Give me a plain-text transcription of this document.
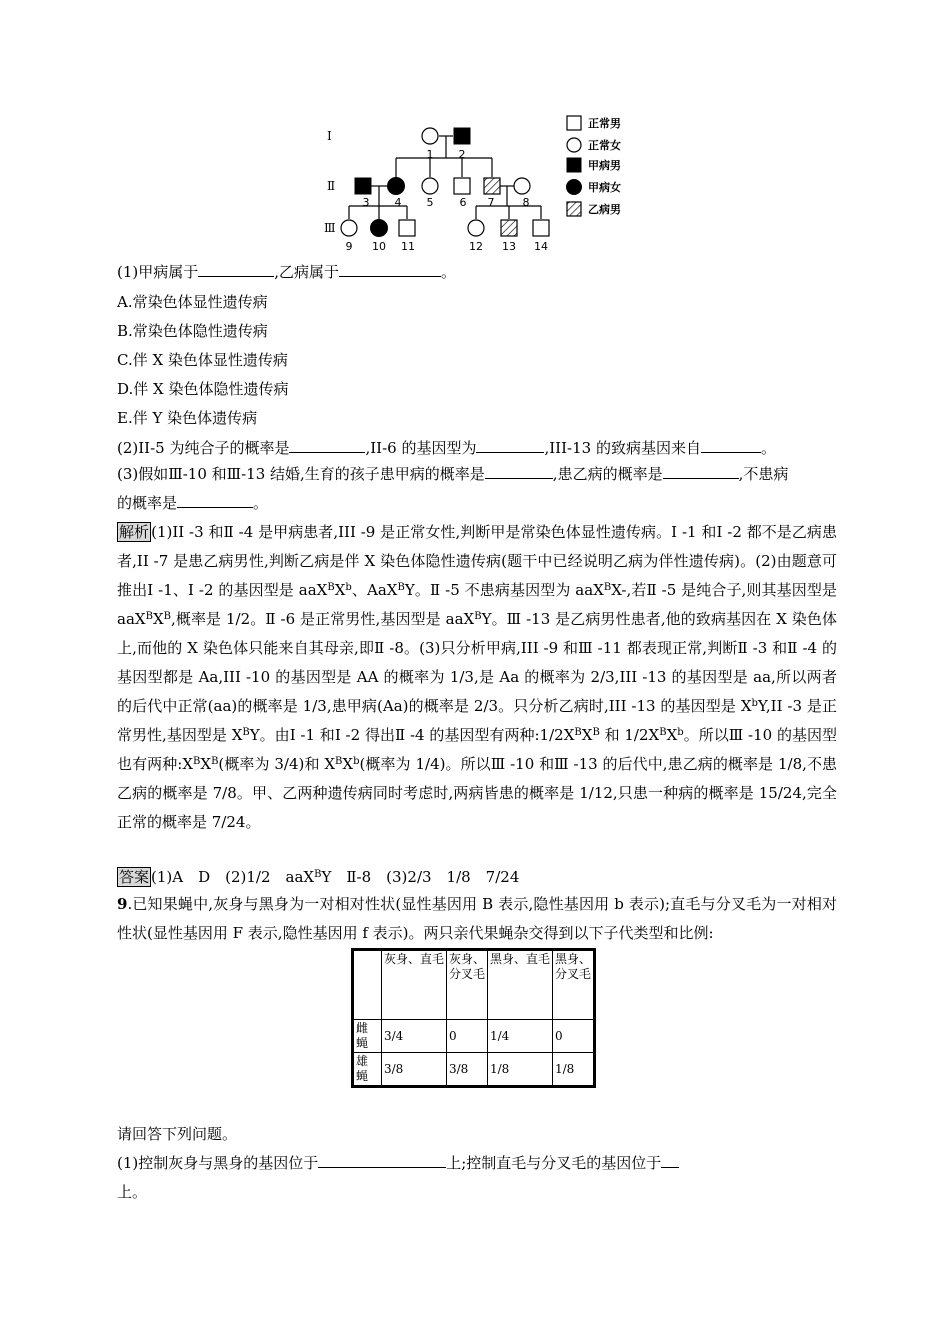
Ⅰ
Ⅱ
Ⅲ
1 2
3 4 5 6 7	8
9 10 11	12 13 14
正常男
正常女
甲病男
甲病女
乙病男
(1)甲病属于	,乙病属于	。
A.常染色体显性遗传病
B.常染色体隐性遗传病
C.伴 X 染色体显性遗传病
D.伴 X 染色体隐性遗传病
E.伴 Y 染色体遗传病
(2)II-5 为纯合子的概率是	,II-6 的基因型为	,III-13 的致病基因来自	。
(3)假如Ⅲ-10 和Ⅲ-13 结婚,生育的孩子患甲病的概率是	,患乙病的概率是	,不患病
的概率是	。
解析 (1)II -3 和Ⅱ -4 是甲病患者,III -9 是正常女性,判断甲是常染色体显性遗传病。Ⅰ -1 和Ⅰ -2 都不是乙病患者,II -7 是患乙病男性,判断乙病是伴 X 染色体隐性遗传病(题干中已经说明乙病为伴性遗传病)。(2)由题意可推出Ⅰ -1、Ⅰ -2 的基因型是 $aaX^BX^b$、AaX$^B$Y。Ⅱ -5 不患病基因型为 aaX$^B$X-,若Ⅱ -5 是纯合子,则其基因型是 $aaX^BX^B$,概率是 1/2。Ⅱ -6 是正常男性,基因型是 aaX$^B$Y。Ⅲ -13 是乙病男性患者,他的致病基因在 X 染色体上,而他的 X 染色体只能来自其母亲,即Ⅱ -8。(3)只分析甲病,III -9 和Ⅲ -11 都表现正常,判断Ⅱ -3 和Ⅱ -4 的基因型都是 Aa,III -10 的基因型是 AA 的概率为 1/3,是 Aa 的概率为 2/3,III -13 的基因型是 aa,所以两者的后代中正常(aa)的概率是 1/3,患甲病(Aa)的概率是 2/3。只分析乙病时,III -13 的基因型是 $X^bY,II$ -3 是正常男性,基因型是 $X^BY$。由Ⅰ -1 和Ⅰ -2 得出Ⅱ -4 的基因型有两种$:1/2X^BX^B$ 和 $1/2X^BX^b$。所以Ⅲ -10 的基因型也有两种$:X^BX^B$(概率为 3/4)和 $X^BX^b$(概率为 1/4)。所以Ⅲ -10 和Ⅲ -13 的后代中,患乙病的概率是 1/8,不患乙病的概率是 7/8。甲、乙两种遗传病同时考虑时,两病皆患的概率是 1/12,只患一种病的概率是 15/24,完全正常的概率是 7/24。
答案 (1)A　D　(2)1/2　aaX$^B$Y　Ⅱ-8　(3)2/3　1/8　7/24
9.已知果蝇中,灰身与黑身为一对相对性状(显性基因用 B 表示,隐性基因用 b 表示);直毛与分叉毛为一对相对性状(显性基因用 F 表示,隐性基因用 f 表示)。两只亲代果蝇杂交得到以下子代类型和比例:
	灰身、直毛	灰身、分叉毛	黑身、直毛	黑身、分叉毛
雌蝇	3/4	0	1/4	0
雄蝇	3/8	3/8	1/8	1/8
请回答下列问题。
(1)控制灰身与黑身的基因位于	上;控制直毛与分叉毛的基因位于
上。
